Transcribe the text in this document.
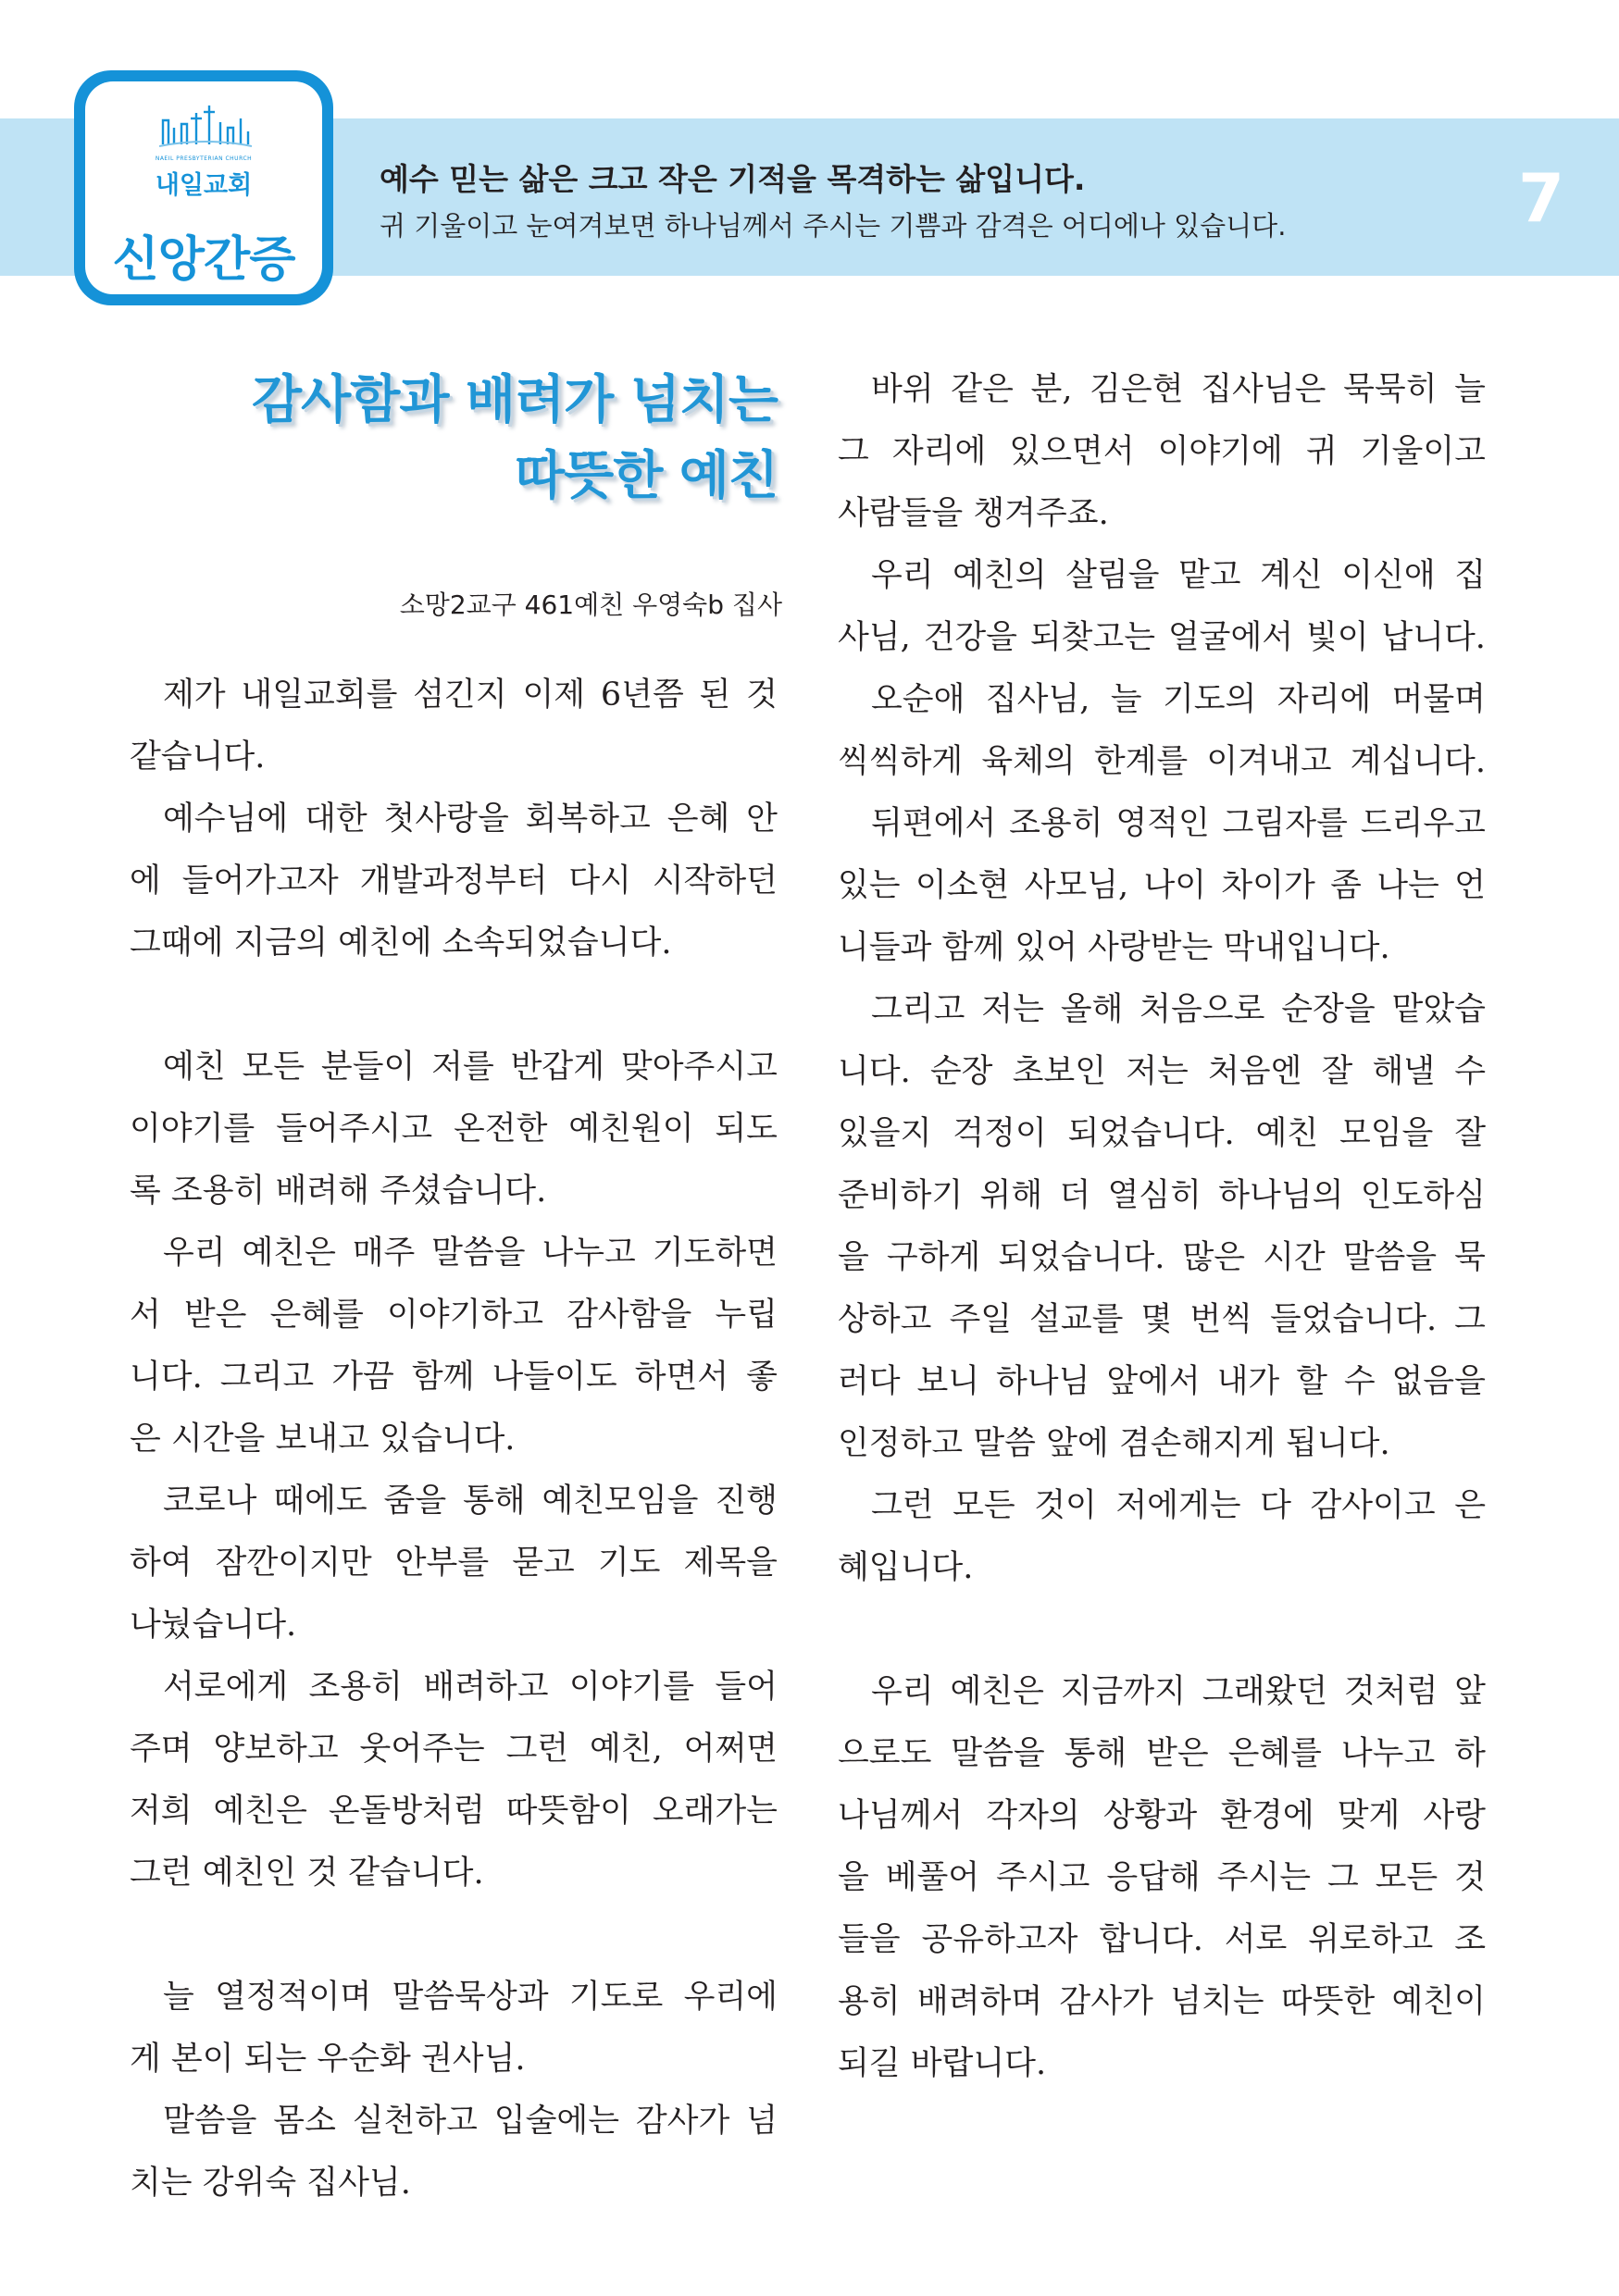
NAEIL PRESBYTERIAN CHURCH
내일교회
신앙간증
예수 믿는 삶은 크고 작은 기적을 목격하는 삶입니다.
귀 기울이고 눈여겨보면 하나님께서 주시는 기쁨과 감격은 어디에나 있습니다.	7
감사함과 배려가 넘치는
따뜻한 예친
소망2교구 461예친 우영숙b 집사
제가 내일교회를 섬긴지 이제 6년쯤 된 것
같습니다.
예수님에 대한 첫사랑을 회복하고 은혜 안
에 들어가고자 개발과정부터 다시 시작하던
그때에 지금의 예친에 소속되었습니다.
예친 모든 분들이 저를 반갑게 맞아주시고
이야기를 들어주시고 온전한 예친원이 되도
록 조용히 배려해 주셨습니다.
우리 예친은 매주 말씀을 나누고 기도하면
서 받은 은혜를 이야기하고 감사함을 누립
니다. 그리고 가끔 함께 나들이도 하면서 좋
은 시간을 보내고 있습니다.
코로나 때에도 줌을 통해 예친모임을 진행
하여 잠깐이지만 안부를 묻고 기도 제목을
나눴습니다.
서로에게 조용히 배려하고 이야기를 들어
주며 양보하고 웃어주는 그런 예친, 어쩌면
저희 예친은 온돌방처럼 따뜻함이 오래가는
그런 예친인 것 같습니다.
늘 열정적이며 말씀묵상과 기도로 우리에
게 본이 되는 우순화 권사님.
말씀을 몸소 실천하고 입술에는 감사가 넘
치는 강위숙 집사님.
바위 같은 분, 김은현 집사님은 묵묵히 늘
그 자리에 있으면서 이야기에 귀 기울이고
사람들을 챙겨주죠.
우리 예친의 살림을 맡고 계신 이신애 집
사님, 건강을 되찾고는 얼굴에서 빛이 납니다.
오순애 집사님, 늘 기도의 자리에 머물며
씩씩하게 육체의 한계를 이겨내고 계십니다.
뒤편에서 조용히 영적인 그림자를 드리우고
있는 이소현 사모님, 나이 차이가 좀 나는 언
니들과 함께 있어 사랑받는 막내입니다.
그리고 저는 올해 처음으로 순장을 맡았습
니다. 순장 초보인 저는 처음엔 잘 해낼 수
있을지 걱정이 되었습니다. 예친 모임을 잘
준비하기 위해 더 열심히 하나님의 인도하심
을 구하게 되었습니다. 많은 시간 말씀을 묵
상하고 주일 설교를 몇 번씩 들었습니다. 그
러다 보니 하나님 앞에서 내가 할 수 없음을
인정하고 말씀 앞에 겸손해지게 됩니다.
그런 모든 것이 저에게는 다 감사이고 은
혜입니다.
우리 예친은 지금까지 그래왔던 것처럼 앞
으로도 말씀을 통해 받은 은혜를 나누고 하
나님께서 각자의 상황과 환경에 맞게 사랑
을 베풀어 주시고 응답해 주시는 그 모든 것
들을 공유하고자 합니다. 서로 위로하고 조
용히 배려하며 감사가 넘치는 따뜻한 예친이
되길 바랍니다.
